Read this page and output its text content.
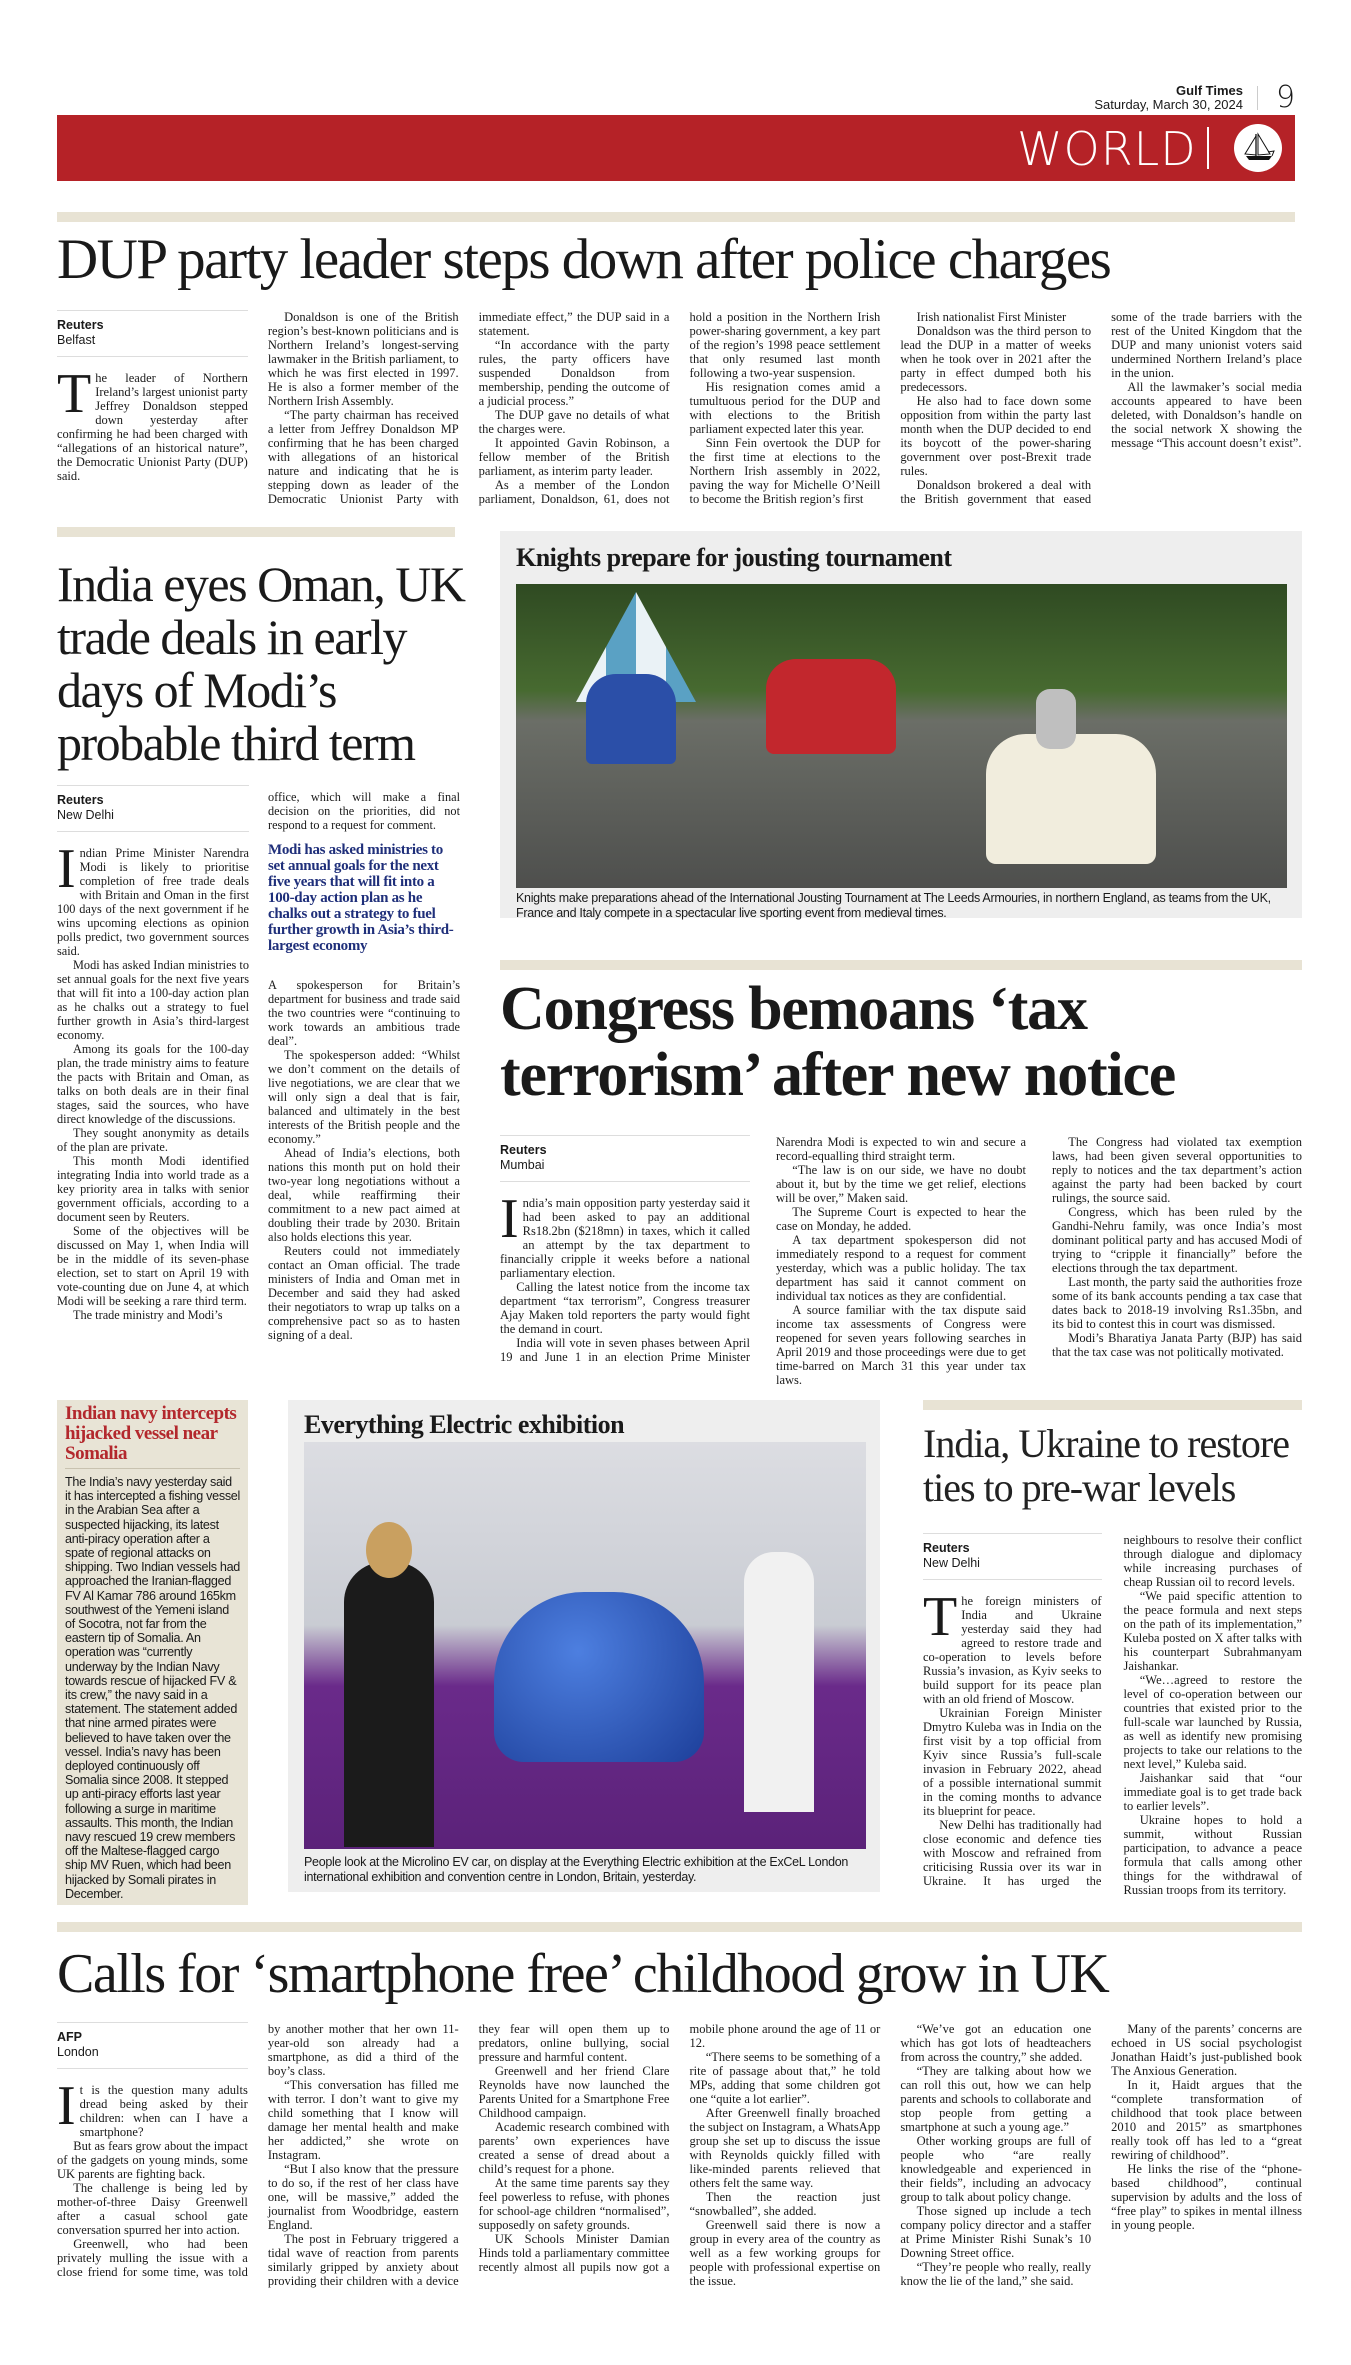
Gulf Times
Saturday, March 30, 2024 9
WORLD
DUP party leader steps down after police charges
Reuters
Belfast

The leader of Northern Ireland’s largest unionist party Jeffrey Donaldson stepped down yesterday after confirming he had been charged with “allegations of an historical nature”, the Democratic Unionist Party (DUP) said.

Donaldson is one of the British region’s best-known politicians and is Northern Ireland’s longest-serving lawmaker in the British parliament, to which he was first elected in 1997. He is also a former member of the Northern Irish Assembly.

“The party chairman has received a letter from Jeffrey Donaldson MP confirming that he has been charged with allegations of an historical nature and indicating that he is stepping down as leader of the Democratic Unionist Party with immediate effect,” the DUP said in a statement.

“In accordance with the party rules, the party officers have suspended Donaldson from membership, pending the outcome of a judicial process.”

The DUP gave no details of what the charges were.

It appointed Gavin Robinson, a fellow member of the British parliament, as interim party leader.

As a member of the London parliament, Donaldson, 61, does not hold a position in the Northern Irish power-sharing government, a key part of the region’s 1998 peace settlement that only resumed last month following a two-year suspension.

His resignation comes amid a tumultuous period for the DUP and with elections to the British parliament expected later this year.

Sinn Fein overtook the DUP for the first time at elections to the Northern Irish assembly in 2022, paving the way for Michelle O’Neill to become the British region’s first

Irish nationalist First Minister

Donaldson was the third person to lead the DUP in a matter of weeks when he took over in 2021 after the party in effect dumped both his predecessors.

He also had to face down some opposition from within the party last month when the DUP decided to end its boycott of the power-sharing government over post-Brexit trade rules.

Donaldson brokered a deal with the British government that eased some of the trade barriers with the rest of the United Kingdom that the DUP and many unionist voters said undermined Northern Ireland’s place in the union.

All the lawmaker’s social media accounts appeared to have been deleted, with Donaldson’s handle on the social network X showing the message “This account doesn’t exist”.

India eyes Oman, UK trade deals in early days of Modi’s probable third term
Reuters
New Delhi

Indian Prime Minister Narendra Modi is likely to prioritise completion of free trade deals with Britain and Oman in the first 100 days of the next government if he wins upcoming elections as opinion polls predict, two government sources said.

Modi has asked Indian ministries to set annual goals for the next five years that will fit into a 100-day action plan as he chalks out a strategy to fuel further growth in Asia’s third-largest economy.

Among its goals for the 100-day plan, the trade ministry aims to feature the pacts with Britain and Oman, as talks on both deals are in their final stages, said the sources, who have direct knowledge of the discussions.

They sought anonymity as details of the plan are private.

This month Modi identified integrating India into world trade as a key priority area in talks with senior government officials, according to a document seen by Reuters.

Some of the objectives will be discussed on May 1, when India will be in the middle of its seven-phase election, set to start on April 19 with vote-counting due on June 4, at which Modi will be seeking a rare third term.

The trade ministry and Modi’s

office, which will make a final decision on the priorities, did not respond to a request for comment.

Modi has asked ministries to set annual goals for the next five years that will fit into a 100-day action plan as he chalks out a strategy to fuel further growth in Asia’s third-largest economy

A spokesperson for Britain’s department for business and trade said the two countries were “continuing to work towards an ambitious trade deal”.

The spokesperson added: “Whilst we don’t comment on the details of live negotiations, we are clear that we will only sign a deal that is fair, balanced and ultimately in the best interests of the British people and the economy.”

Ahead of India’s elections, both nations this month put on hold their two-year long negotiations without a deal, while reaffirming their commitment to a new pact aimed at doubling their trade by 2030. Britain also holds elections this year.

Reuters could not immediately contact an Oman official. The trade ministers of India and Oman met in December and said they had asked their negotiators to wrap up talks on a comprehensive pact so as to hasten signing of a deal.

Knights prepare for jousting tournament
Knights make preparations ahead of the International Jousting Tournament at The Leeds Armouries, in northern England, as teams from the UK, France and Italy compete in a spectacular live sporting event from medieval times.
Congress bemoans ‘tax terrorism’ after new notice
Reuters
Mumbai

India’s main opposition party yesterday said it had been asked to pay an additional Rs18.2bn ($218mn) in taxes, which it called an attempt by the tax department to financially cripple it weeks before a national parliamentary election.

Calling the latest notice from the income tax department “tax terrorism”, Congress treasurer Ajay Maken told reporters the party would fight the demand in court.

India will vote in seven phases between April 19 and June 1 in an election Prime Minister Narendra Modi is expected to win and secure a record-equalling third straight term.

“The law is on our side, we have no doubt about it, but by the time we get relief, elections will be over,” Maken said.

The Supreme Court is expected to hear the case on Monday, he added.

A tax department spokesperson did not immediately respond to a request for comment yesterday, which was a public holiday. The tax department has said it cannot comment on individual tax notices as they are confidential.

A source familiar with the tax dispute said income tax assessments of Congress were reopened for seven years following searches in April 2019 and those proceedings were due to get time-barred on March 31 this year under tax laws.

The Congress had violated tax exemption laws, had been given several opportunities to reply to notices and the tax department’s action against the party had been backed by court rulings, the source said.

Congress, which has been ruled by the Gandhi-Nehru family, was once India’s most dominant political party and has accused Modi of trying to “cripple it financially” before the elections through the tax department.

Last month, the party said the authorities froze some of its bank accounts pending a tax case that dates back to 2018-19 involving Rs1.35bn, and its bid to contest this in court was dismissed.

Modi’s Bharatiya Janata Party (BJP) has said that the tax case was not politically motivated.

Indian navy intercepts hijacked vessel near Somalia
The India’s navy yesterday said it has intercepted a fishing vessel in the Arabian Sea after a suspected hijacking, its latest anti-piracy operation after a spate of regional attacks on shipping. Two Indian vessels had approached the Iranian-flagged FV Al Kamar 786 around 165km southwest of the Yemeni island of Socotra, not far from the eastern tip of Somalia. An operation was “currently underway by the Indian Navy towards rescue of hijacked FV & its crew,” the navy said in a statement. The statement added that nine armed pirates were believed to have taken over the vessel. India’s navy has been deployed continuously off Somalia since 2008. It stepped up anti-piracy efforts last year following a surge in maritime assaults. This month, the Indian navy rescued 19 crew members off the Maltese-flagged cargo ship MV Ruen, which had been hijacked by Somali pirates in December.
Everything Electric exhibition
People look at the Microlino EV car, on display at the Everything Electric exhibition at the ExCeL London international exhibition and convention centre in London, Britain, yesterday.
India, Ukraine to restore ties to pre-war levels
Reuters
New Delhi

The foreign ministers of India and Ukraine yesterday said they had agreed to restore trade and co-operation to levels before Russia’s invasion, as Kyiv seeks to build support for its peace plan with an old friend of Moscow.

Ukrainian Foreign Minister Dmytro Kuleba was in India on the first visit by a top official from Kyiv since Russia’s full-scale invasion in February 2022, ahead of a possible international summit in the coming months to advance its blueprint for peace.

New Delhi has traditionally had close economic and defence ties with Moscow and refrained from criticising Russia over its war in Ukraine. It has urged the neighbours to resolve their conflict through dialogue and diplomacy while increasing purchases of cheap Russian oil to record levels.

“We paid specific attention to the peace formula and next steps on the path of its implementation,” Kuleba posted on X after talks with his counterpart Subrahmanyam Jaishankar.

“We…agreed to restore the level of co-operation between our countries that existed prior to the full-scale war launched by Russia, as well as identify new promising projects to take our relations to the next level,” Kuleba said.

Jaishankar said that “our immediate goal is to get trade back to earlier levels”.

Ukraine hopes to hold a summit, without Russian participation, to advance a peace formula that calls among other things for the withdrawal of Russian troops from its territory.

Calls for ‘smartphone free’ childhood grow in UK
AFP
London

It is the question many adults dread being asked by their children: when can I have a smartphone?

But as fears grow about the impact of the gadgets on young minds, some UK parents are fighting back.

The challenge is being led by mother-of-three Daisy Greenwell after a casual school gate conversation spurred her into action.

Greenwell, who had been privately mulling the issue with a close friend for some time, was told by another mother that her own 11-year-old son already had a smartphone, as did a third of the boy’s class.

“This conversation has filled me with terror. I don’t want to give my child something that I know will damage her mental health and make her addicted,” she wrote on Instagram.

“But I also know that the pressure to do so, if the rest of her class have one, will be massive,” added the journalist from Woodbridge, eastern England.

The post in February triggered a tidal wave of reaction from parents similarly gripped by anxiety about providing their children with a device they fear will open them up to predators, online bullying, social pressure and harmful content.

Greenwell and her friend Clare Reynolds have now launched the Parents United for a Smartphone Free Childhood campaign.

Academic research combined with parents’ own experiences have created a sense of dread about a child’s request for a phone.

At the same time parents say they feel powerless to refuse, with phones for school-age children “normalised”, supposedly on safety grounds.

UK Schools Minister Damian Hinds told a parliamentary committee recently almost all pupils now got a mobile phone around the age of 11 or 12.

“There seems to be something of a rite of passage about that,” he told MPs, adding that some children got one “quite a lot earlier”.

After Greenwell finally broached the subject on Instagram, a WhatsApp group she set up to discuss the issue with Reynolds quickly filled with like-minded parents relieved that others felt the same way.

Then the reaction just “snowballed”, she added.

Greenwell said there is now a group in every area of the country as well as a few working groups for people with professional expertise on the issue.

“We’ve got an education one which has got lots of headteachers from across the country,” she added.

“They are talking about how we can roll this out, how we can help parents and schools to collaborate and stop people from getting a smartphone at such a young age.”

Other working groups are full of people who “are really knowledgeable and experienced in their fields”, including an advocacy group to talk about policy change.

Those signed up include a tech company policy director and a staffer at Prime Minister Rishi Sunak’s 10 Downing Street office.

“They’re people who really, really know the lie of the land,” she said.

Many of the parents’ concerns are echoed in US social psychologist Jonathan Haidt’s just-published book The Anxious Generation.

In it, Haidt argues that the “complete transformation of childhood that took place between 2010 and 2015” as smartphones really took off has led to a “great rewiring of childhood”.

He links the rise of the “phone-based childhood”, continual supervision by adults and the loss of “free play” to spikes in mental illness in young people.
